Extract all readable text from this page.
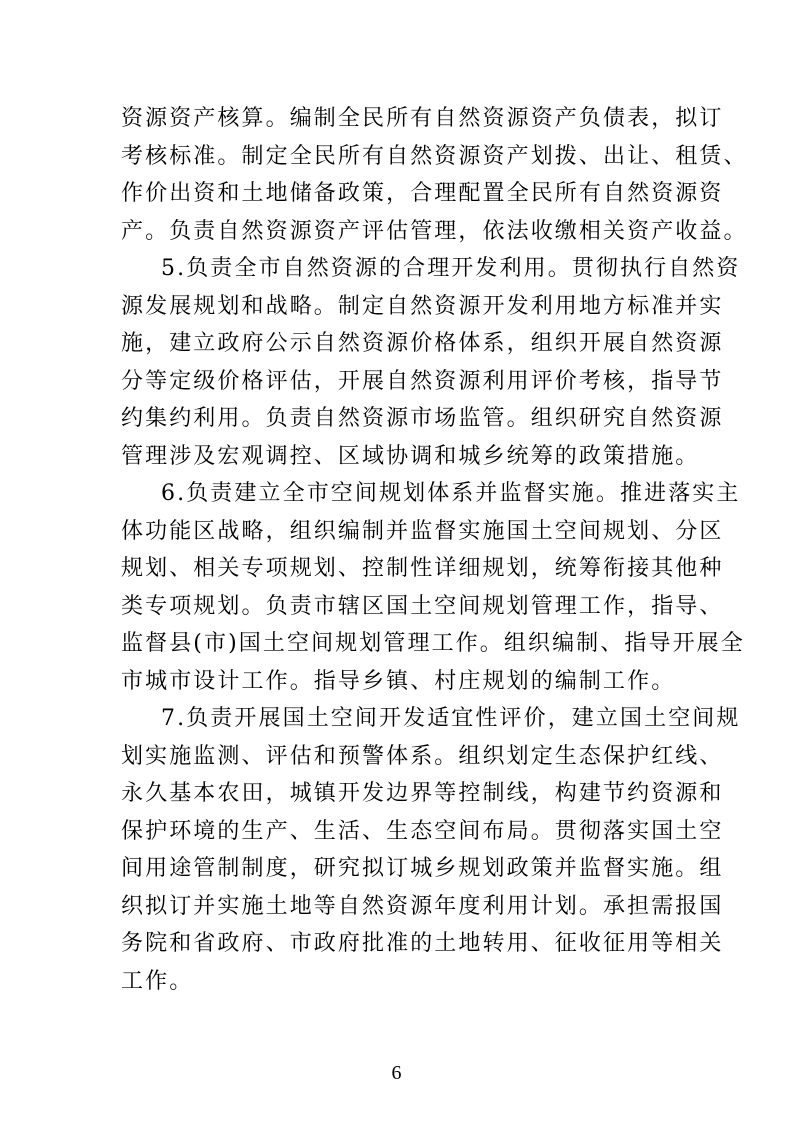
资源资产核算。编制全民所有自然资源资产负债表，拟订
考核标准。制定全民所有自然资源资产划拨、出让、租赁、
作价出资和土地储备政策，合理配置全民所有自然资源资
产。负责自然资源资产评估管理，依法收缴相关资产收益。
5.负责全市自然资源的合理开发利用。贯彻执行自然资
源发展规划和战略。制定自然资源开发利用地方标准并实
施，建立政府公示自然资源价格体系，组织开展自然资源
分等定级价格评估，开展自然资源利用评价考核，指导节
约集约利用。负责自然资源市场监管。组织研究自然资源
管理涉及宏观调控、区域协调和城乡统筹的政策措施。
6.负责建立全市空间规划体系并监督实施。推进落实主
体功能区战略，组织编制并监督实施国土空间规划、分区
规划、相关专项规划、控制性详细规划，统筹衔接其他种
类专项规划。负责市辖区国土空间规划管理工作，指导、
监督县(市)国土空间规划管理工作。组织编制、指导开展全
市城市设计工作。指导乡镇、村庄规划的编制工作。
7.负责开展国土空间开发适宜性评价，建立国土空间规
划实施监测、评估和预警体系。组织划定生态保护红线、
永久基本农田，城镇开发边界等控制线，构建节约资源和
保护环境的生产、生活、生态空间布局。贯彻落实国土空
间用途管制制度，研究拟订城乡规划政策并监督实施。组
织拟订并实施土地等自然资源年度利用计划。承担需报国
务院和省政府、市政府批准的土地转用、征收征用等相关
工作。
6
